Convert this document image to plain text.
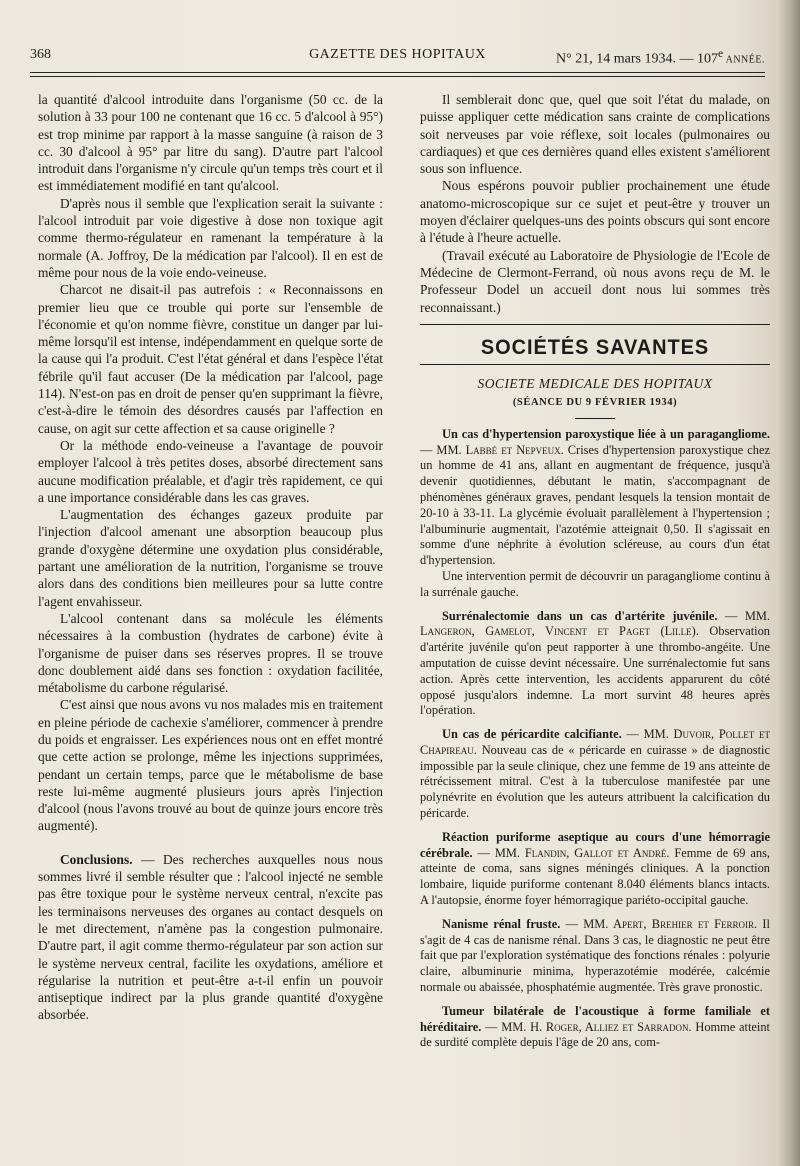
368	GAZETTE DES HOPITAUX	N° 21, 14 mars 1934. — 107e ANNÉE.

la quantité d'alcool introduite dans l'organisme (50 cc. de la solution à 33 pour 100 ne contenant que 16 cc. 5 d'alcool à 95°) est trop minime par rapport à la masse sanguine (à raison de 3 cc. 30 d'alcool à 95° par litre du sang). D'autre part l'alcool introduit dans l'organisme n'y circule qu'un temps très court et il est immédiatement modifié en tant qu'alcool.

D'après nous il semble que l'explication serait la suivante : l'alcool introduit par voie digestive à dose non toxique agit comme thermo-régulateur en ramenant la température à la normale (A. Joffroy, De la médication par l'alcool). Il en est de même pour nous de la voie endo-veineuse.

Charcot ne disait-il pas autrefois : « Reconnaissons en premier lieu que ce trouble qui porte sur l'ensemble de l'économie et qu'on nomme fièvre, constitue un danger par lui-même lorsqu'il est intense, indépendamment en quelque sorte de la cause qui l'a produit. C'est l'état général et dans l'espèce l'état fébrile qu'il faut accuser (De la médication par l'alcool, page 114). N'est-on pas en droit de penser qu'en supprimant la fièvre, c'est-à-dire le témoin des désordres causés par l'affection en cause, on agit sur cette affection et sa cause originelle ?

Or la méthode endo-veineuse a l'avantage de pouvoir employer l'alcool à très petites doses, absorbé directement sans aucune modification préalable, et d'agir très rapidement, ce qui a une importance considérable dans les cas graves.

L'augmentation des échanges gazeux produite par l'injection d'alcool amenant une absorption beaucoup plus grande d'oxygène détermine une oxydation plus considérable, partant une amélioration de la nutrition, l'organisme se trouve alors dans des conditions bien meilleures pour sa lutte contre l'agent envahisseur.

L'alcool contenant dans sa molécule les éléments nécessaires à la combustion (hydrates de carbone) évite à l'organisme de puiser dans ses réserves propres. Il se trouve donc doublement aidé dans ses fonction : oxydation facilitée, métabolisme du carbone régularisé.

C'est ainsi que nous avons vu nos malades mis en traitement en pleine période de cachexie s'améliorer, commencer à prendre du poids et engraisser. Les expériences nous ont en effet montré que cette action se prolonge, même les injections supprimées, pendant un certain temps, parce que le métabolisme de base reste lui-même augmenté plusieurs jours après l'injection d'alcool (nous l'avons trouvé au bout de quinze jours encore très augmenté).

Conclusions. — Des recherches auxquelles nous nous sommes livré il semble résulter que : l'alcool injecté ne semble pas être toxique pour le système nerveux central, n'excite pas les terminaisons nerveuses des organes au contact desquels on le met directement, n'amène pas la congestion pulmonaire. D'autre part, il agit comme thermo-régulateur par son action sur le système nerveux central, facilite les oxydations, améliore et régularise la nutrition et peut-être a-t-il enfin un pouvoir antiseptique indirect par la plus grande quantité d'oxygène absorbée.

Il semblerait donc que, quel que soit l'état du malade, on puisse appliquer cette médication sans crainte de complications soit nerveuses par voie réflexe, soit locales (pulmonaires ou cardiaques) et que ces dernières quand elles existent s'améliorent sous son influence.

Nous espérons pouvoir publier prochainement une étude anatomo-microscopique sur ce sujet et peut-être y trouver un moyen d'éclairer quelques-uns des points obscurs qui sont encore à l'étude à l'heure actuelle.

(Travail exécuté au Laboratoire de Physiologie de l'Ecole de Médecine de Clermont-Ferrand, où nous avons reçu de M. le Professeur Dodel un accueil dont nous lui sommes très reconnaissant.)

SOCIÉTÉS SAVANTES
SOCIETE MEDICALE DES HOPITAUX
(SÉANCE DU 9 FÉVRIER 1934)

Un cas d'hypertension paroxystique liée à un paragangliome. — MM. Labbé et Nepveux. Crises d'hypertension paroxystique chez un homme de 41 ans, allant en augmentant de fréquence, jusqu'à devenir quotidiennes, débutant le matin, s'accompagnant de phénomènes généraux graves, pendant lesquels la tension montait de 20-10 à 33-11. La glycémie évoluait parallèlement à l'hypertension ; l'albuminurie augmentait, l'azotémie atteignait 0,50. Il s'agissait en somme d'une néphrite à évolution scléreuse, au cours d'un état d'hypertension.

Une intervention permit de découvrir un paragangliome continu à la surrénale gauche.

Surrénalectomie dans un cas d'artérite juvénile. — MM. Langeron, Gamelot, Vincent et Paget (Lille). Observation d'artérite juvénile qu'on peut rapporter à une thrombo-angéite. Une amputation de cuisse devint nécessaire. Une surrénalectomie fut sans action. Après cette intervention, les accidents apparurent du côté opposé jusqu'alors indemne. La mort survint 48 heures après l'opération.

Un cas de péricardite calcifiante. — MM. Duvoir, Pollet et Chapireau. Nouveau cas de « péricarde en cuirasse » de diagnostic impossible par la seule clinique, chez une femme de 19 ans atteinte de rétrécissement mitral. C'est à la tuberculose manifestée par une polynévrite en évolution que les auteurs attribuent la calcification du péricarde.

Réaction puriforme aseptique au cours d'une hémorragie cérébrale. — MM. Flandin, Gallot et André. Femme de 69 ans, atteinte de coma, sans signes méningés cliniques. A la ponction lombaire, liquide puriforme contenant 8.040 éléments blancs intacts. A l'autopsie, énorme foyer hémorragique pariéto-occipital gauche.

Nanisme rénal fruste. — MM. Apert, Brehier et Ferroir. Il s'agit de 4 cas de nanisme rénal. Dans 3 cas, le diagnostic ne peut être fait que par l'exploration systématique des fonctions rénales : polyurie claire, albuminurie minima, hyperazotémie modérée, calcémie normale ou abaissée, phosphatémie augmentée. Très grave pronostic.

Tumeur bilatérale de l'acoustique à forme familiale et héréditaire. — MM. H. Roger, Alliez et Sarradon. Homme atteint de surdité complète depuis l'âge de 20 ans, com-
